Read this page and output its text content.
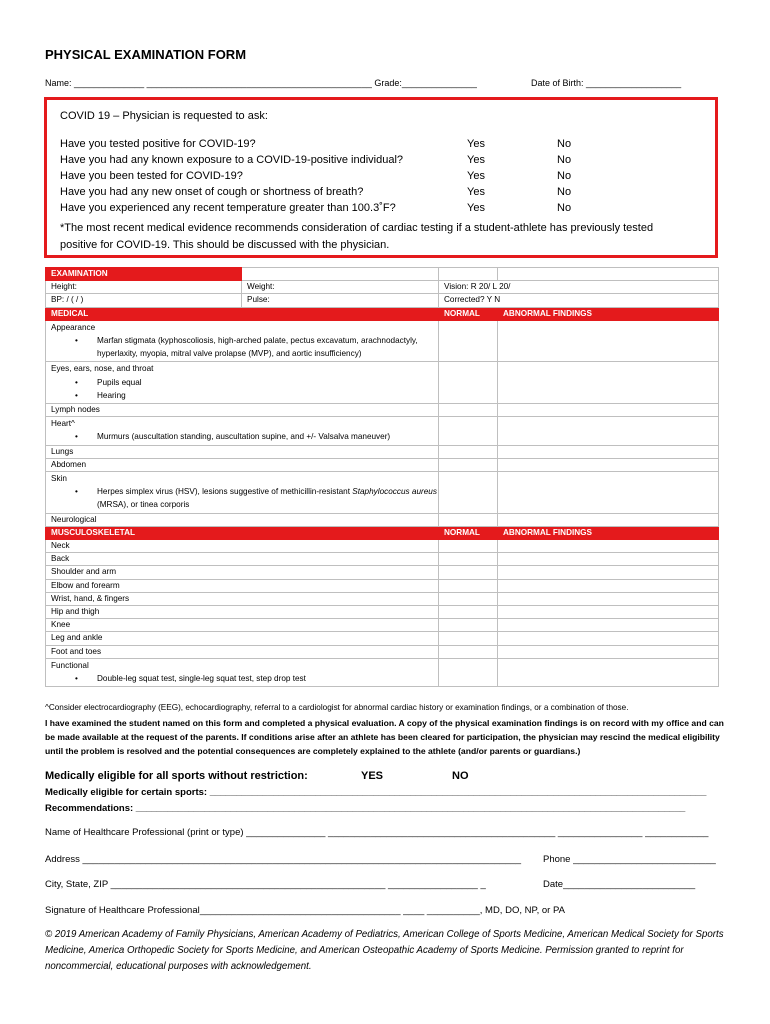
PHYSICAL EXAMINATION FORM
Name: ______________ _____________________________________________ Grade:_______________	Date of Birth: ___________________
COVID 19 – Physician is requested to ask:
Have you tested positive for COVID-19?	Yes	No
Have you had any known exposure to a COVID-19-positive individual?	Yes	No
Have you been tested for COVID-19?	Yes	No
Have you had any new onset of cough or shortness of breath?	Yes	No
Have you experienced any recent temperature greater than 100.3˚F?	Yes	No
*The most recent medical evidence recommends consideration of cardiac testing if a student-athlete has previously tested
positive for COVID-19. This should be discussed with the physician.
EXAMINATION			
Height:	Weight:	Vision: R 20/ L 20/	
BP: / ( / )	Pulse:	Corrected? Y N	
MEDICAL		NORMAL	ABNORMAL FINDINGS

Appearance
• Marfan stigmata (kyphoscoliosis, high-arched palate, pectus excavatum, arachnodactyly, hyperlaxity, myopia, mitral valve prolapse (MVP), and aortic insufficiency)

Eyes, ears, nose, and throat
• Pupils equal
• Hearing

Lymph nodes			

Heart^
• Murmurs (auscultation standing, auscultation supine, and +/- Valsalva maneuver)

Lungs			
Abdomen			

Skin
• Herpes simplex virus (HSV), lesions suggestive of methicillin-resistant Staphylococcus aureus (MRSA), or tinea corporis

Neurological			
MUSCULOSKELETAL		NORMAL	ABNORMAL FINDINGS
Neck			
Back			
Shoulder and arm			
Elbow and forearm			
Wrist, hand, & fingers			
Hip and thigh			
Knee			
Leg and ankle			
Foot and toes			

Functional
• Double-leg squat test, single-leg squat test, step drop test

^Consider electrocardiography (EEG), echocardiography, referral to a cardiologist for abnormal cardiac history or examination findings, or a combination of those.
I have examined the student named on this form and completed a physical evaluation. A copy of the physical examination findings is on record with my office and can be made available at the request of the parents. If conditions arise after an athlete has been cleared for participation, the physician may rescind the medical eligibility until the problem is resolved and the potential consequences are completely explained to the athlete (and/or parents or guardians.)
Medically eligible for all sports without restriction:	YES	NO
Medically eligible for certain sports: ______________________________________________________________________________________________
Recommendations: ________________________________________________________________________________________________________
Name of Healthcare Professional (print or type) _______________ ___________________________________________ ________________ ____________
Address ___________________________________________________________________________________ Phone ___________________________
City, State, ZIP ____________________________________________________ _________________ _	Date_________________________
Signature of Healthcare Professional______________________________________ ____ __________, MD, DO, NP, or PA
© 2019 American Academy of Family Physicians, American Academy of Pediatrics, American College of Sports Medicine, American Medical Society for Sports Medicine, America Orthopedic Society for Sports Medicine, and American Osteopathic Academy of Sports Medicine. Permission granted to reprint for noncommercial, educational purposes with acknowledgement.
